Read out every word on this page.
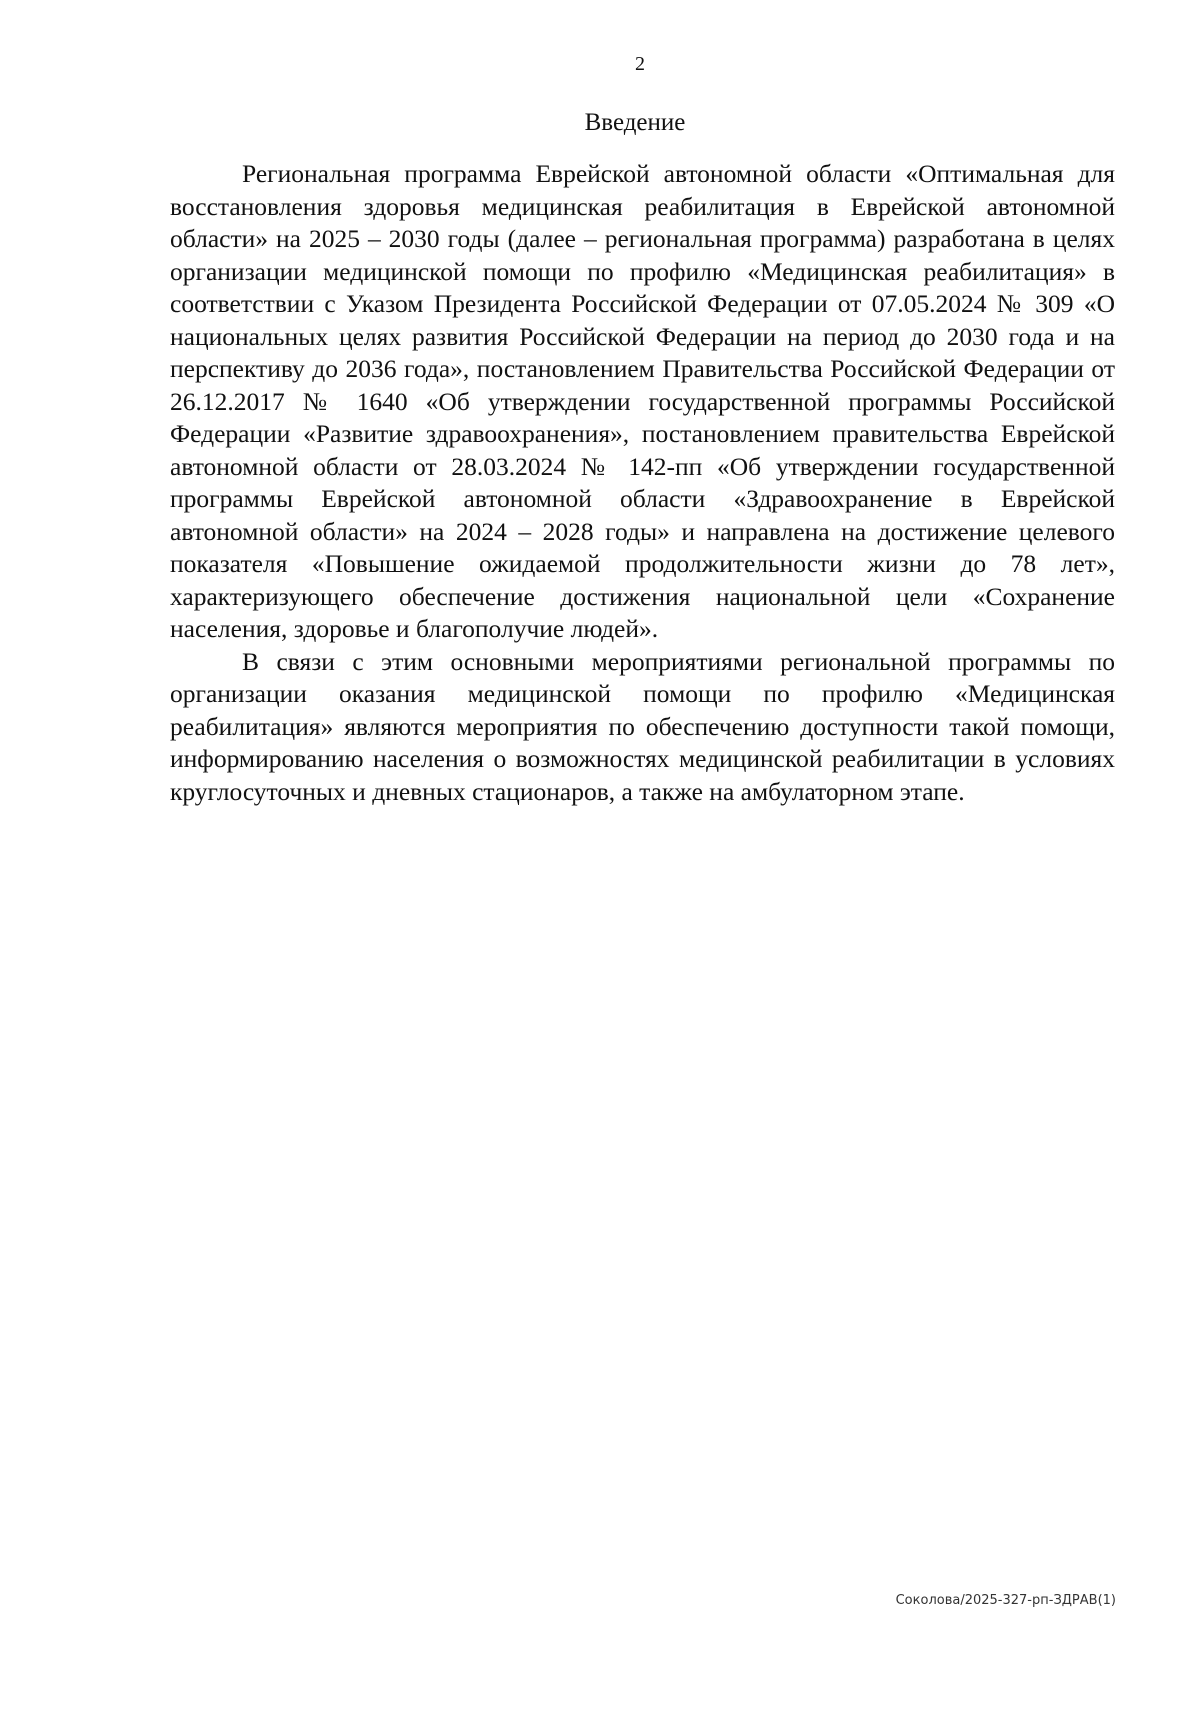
2
Введение

Региональная программа Еврейской автономной области «Оптимальная для восстановления здоровья медицинская реабилитация в Еврейской автономной области» на 2025 – 2030 годы (далее – региональная программа) разработана в целях организации медицинской помощи по профилю «Медицинская реабилитация» в соответствии с Указом Президента Российской Федерации от 07.05.2024 № 309 «О национальных целях развития Российской Федерации на период до 2030 года и на перспективу до 2036 года», постановлением Правительства Российской Федерации от 26.12.2017 № 1640 «Об утверждении государственной программы Российской Федерации «Развитие здравоохранения», постановлением правительства Еврейской автономной области от 28.03.2024 № 142-пп «Об утверждении государственной программы Еврейской автономной области «Здравоохранение в Еврейской автономной области» на 2024 – 2028 годы» и направлена на достижение целевого показателя «Повышение ожидаемой продолжительности жизни до 78 лет», характеризующего обеспечение достижения национальной цели «Сохранение населения, здоровье и благополучие людей».

В связи с этим основными мероприятиями региональной программы по организации оказания медицинской помощи по профилю «Медицинская реабилитация» являются мероприятия по обеспечению доступности такой помощи, информированию населения о возможностях медицинской реабилитации в условиях круглосуточных и дневных стационаров, а также на амбулаторном этапе.

Соколова/2025-327-рп-ЗДРАВ(1)
